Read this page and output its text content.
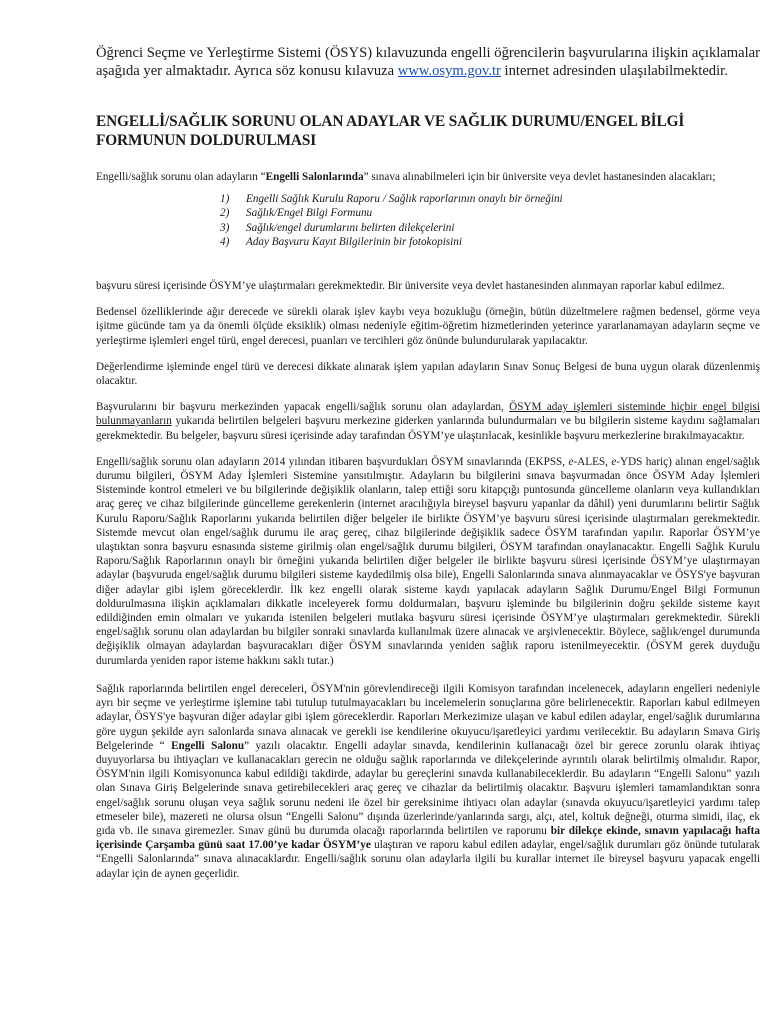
Öğrenci Seçme ve Yerleştirme Sistemi (ÖSYS) kılavuzunda engelli öğrencilerin başvurularına ilişkin açıklamalar aşağıda yer almaktadır. Ayrıca söz konusu kılavuza www.osym.gov.tr internet adresinden ulaşılabilmektedir.

ENGELLİ/SAĞLIK SORUNU OLAN ADAYLAR VE SAĞLIK DURUMU/ENGEL BİLGİ FORMUNUN DOLDURULMASI

Engelli/sağlık sorunu olan adayların “Engelli Salonlarında” sınava alınabilmeleri için bir üniversite veya devlet hastanesinden alacakları;

1)	Engelli Sağlık Kurulu Raporu / Sağlık raporlarının onaylı bir örneğini
2)	Sağlık/Engel Bilgi Formunu
3)	Sağlık/engel durumlarını belirten dilekçelerini
4)	Aday Başvuru Kayıt Bilgilerinin bir fotokopisini

başvuru süresi içerisinde ÖSYM’ye ulaştırmaları gerekmektedir. Bir üniversite veya devlet hastanesinden alınmayan raporlar kabul edilmez.

Bedensel özelliklerinde ağır derecede ve sürekli olarak işlev kaybı veya bozukluğu (örneğin, bütün düzeltmelere rağmen bedensel, görme veya işitme gücünde tam ya da önemli ölçüde eksiklik) olması nedeniyle eğitim-öğretim hizmetlerinden yeterince yararlanamayan adayların seçme ve yerleştirme işlemleri engel türü, engel derecesi, puanları ve tercihleri göz önünde bulundurularak yapılacaktır.

Değerlendirme işleminde engel türü ve derecesi dikkate alınarak işlem yapılan adayların Sınav Sonuç Belgesi de buna uygun olarak düzenlenmiş olacaktır.

Başvurularını bir başvuru merkezinden yapacak engelli/sağlık sorunu olan adaylardan, ÖSYM aday işlemleri sisteminde hiçbir engel bilgisi bulunmayanların yukarıda belirtilen belgeleri başvuru merkezine giderken yanlarında bulundurmaları ve bu bilgilerin sisteme kaydını sağlamaları gerekmektedir. Bu belgeler, başvuru süresi içerisinde aday tarafından ÖSYM’ye ulaştırılacak, kesinlikle başvuru merkezlerine bırakılmayacaktır.

Engelli/sağlık sorunu olan adayların 2014 yılından itibaren başvurdukları ÖSYM sınavlarında (EKPSS, e-ALES, e-YDS hariç) alınan engel/sağlık durumu bilgileri, ÖSYM Aday İşlemleri Sistemine yansıtılmıştır. Adayların bu bilgilerini sınava başvurmadan önce ÖSYM Aday İşlemleri Sisteminde kontrol etmeleri ve bu bilgilerinde değişiklik olanların, talep ettiği soru kitapçığı puntosunda güncelleme olanların veya kullandıkları araç gereç ve cihaz bilgilerinde güncelleme gerekenlerin (internet aracılığıyla bireysel başvuru yapanlar da dâhil) yeni durumlarını belirtir Sağlık Kurulu Raporu/Sağlık Raporlarını yukarıda belirtilen diğer belgeler ile birlikte ÖSYM’ye başvuru süresi içerisinde ulaştırmaları gerekmektedir. Sistemde mevcut olan engel/sağlık durumu ile araç gereç, cihaz bilgilerinde değişiklik sadece ÖSYM tarafından yapılır. Raporlar ÖSYM’ye ulaştıktan sonra başvuru esnasında sisteme girilmiş olan engel/sağlık durumu bilgileri, ÖSYM tarafından onaylanacaktır. Engelli Sağlık Kurulu Raporu/Sağlık Raporlarının onaylı bir örneğini yukarıda belirtilen diğer belgeler ile birlikte başvuru süresi içerisinde ÖSYM’ye ulaştırmayan adaylar (başvuruda engel/sağlık durumu bilgileri sisteme kaydedilmiş olsa bile), Engelli Salonlarında sınava alınmayacaklar ve ÖSYS'ye başvuran diğer adaylar gibi işlem göreceklerdir. İlk kez engelli olarak sisteme kaydı yapılacak adayların Sağlık Durumu/Engel Bilgi Formunun doldurulmasına ilişkin açıklamaları dikkatle inceleyerek formu doldurmaları, başvuru işleminde bu bilgilerinin doğru şekilde sisteme kayıt edildiğinden emin olmaları ve yukarıda istenilen belgeleri mutlaka başvuru süresi içerisinde ÖSYM’ye ulaştırmaları gerekmektedir. Sürekli engel/sağlık sorunu olan adaylardan bu bilgiler sonraki sınavlarda kullanılmak üzere alınacak ve arşivlenecektir. Böylece, sağlık/engel durumunda değişiklik olmayan adaylardan başvuracakları diğer ÖSYM sınavlarında yeniden sağlık raporu istenilmeyecektir. (ÖSYM gerek duyduğu durumlarda yeniden rapor isteme hakkını saklı tutar.)

Sağlık raporlarında belirtilen engel dereceleri, ÖSYM'nin görevlendireceği ilgili Komisyon tarafından incelenecek, adayların engelleri nedeniyle ayrı bir seçme ve yerleştirme işlemine tabi tutulup tutulmayacakları bu incelemelerin sonuçlarına göre belirlenecektir. Raporları kabul edilmeyen adaylar, ÖSYS'ye başvuran diğer adaylar gibi işlem göreceklerdir. Raporları Merkezimize ulaşan ve kabul edilen adaylar, engel/sağlık durumlarına göre uygun şekilde ayrı salonlarda sınava alınacak ve gerekli ise kendilerine okuyucu/işaretleyici yardımı verilecektir. Bu adayların Sınava Giriş Belgelerinde “ Engelli Salonu” yazılı olacaktır. Engelli adaylar sınavda, kendilerinin kullanacağı özel bir gerece zorunlu olarak ihtiyaç duyuyorlarsa bu ihtiyaçları ve kullanacakları gerecin ne olduğu sağlık raporlarında ve dilekçelerinde ayrıntılı olarak belirtilmiş olmalıdır. Rapor, ÖSYM'nin ilgili Komisyonunca kabul edildiği takdirde, adaylar bu gereçlerini sınavda kullanabileceklerdir. Bu adayların “Engelli Salonu” yazılı olan Sınava Giriş Belgelerinde sınava getirebilecekleri araç gereç ve cihazlar da belirtilmiş olacaktır. Başvuru işlemleri tamamlandıktan sonra engel/sağlık sorunu oluşan veya sağlık sorunu nedeni ile özel bir gereksinime ihtiyacı olan adaylar (sınavda okuyucu/işaretleyici yardımı talep etmeseler bile), mazereti ne olursa olsun “Engelli Salonu” dışında üzerlerinde/yanlarında sargı, alçı, atel, koltuk değneği, oturma simidi, ilaç, ek gıda vb. ile sınava giremezler. Sınav günü bu durumda olacağı raporlarında belirtilen ve raporunu bir dilekçe ekinde, sınavın yapılacağı hafta içerisinde Çarşamba günü saat 17.00’ye kadar ÖSYM’ye ulaştıran ve raporu kabul edilen adaylar, engel/sağlık durumları göz önünde tutularak “Engelli Salonlarında” sınava alınacaklardır. Engelli/sağlık sorunu olan adaylarla ilgili bu kurallar internet ile bireysel başvuru yapacak engelli adaylar için de aynen geçerlidir.
